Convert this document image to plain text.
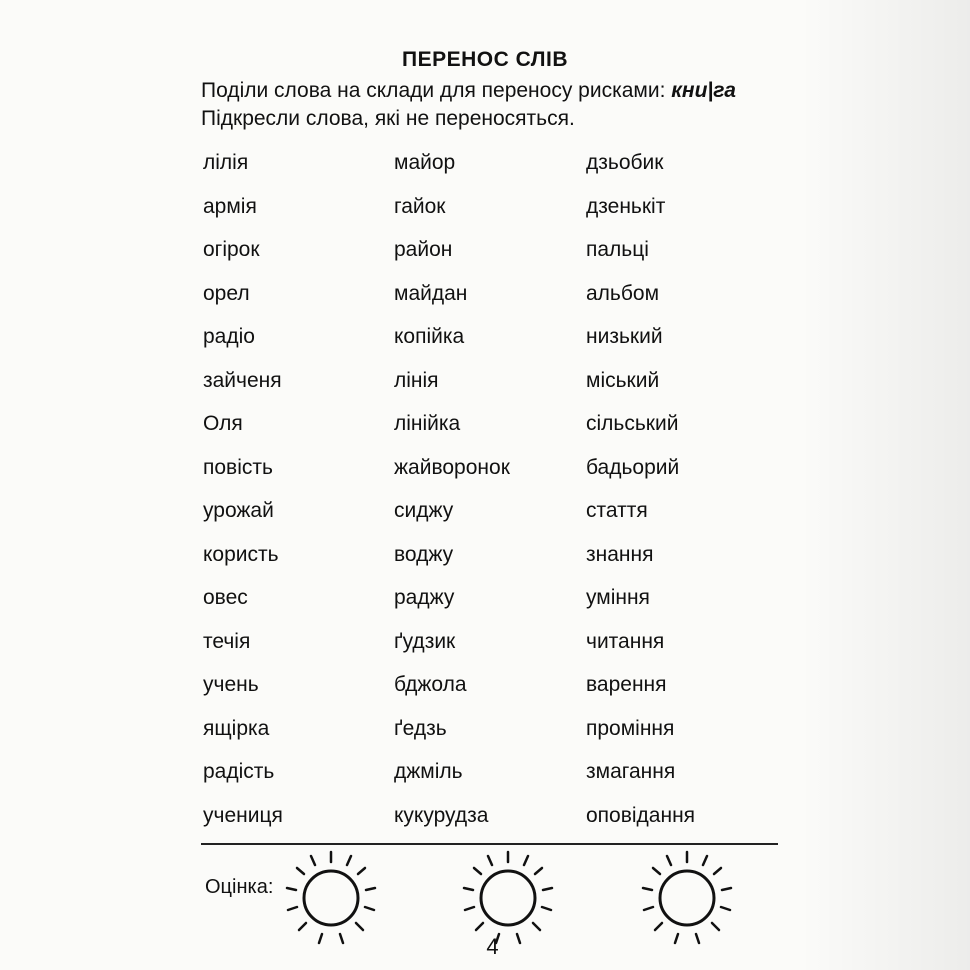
ПЕРЕНОС СЛІВ
Поділи слова на склади для переносу рисками: кни|га
Підкресли слова, які не переносяться.
лілія
армія
огірок
орел
радіо
зайченя
Оля
повість
урожай
користь
овес
течія
учень
ящірка
радість
учениця
майор
гайок
район
майдан
копійка
лінія
лінійка
жайворонок
сиджу
воджу
раджу
ґудзик
бджола
ґедзь
джміль
кукурудза
дзьобик
дзенькіт
пальці
альбом
низький
міський
сільський
бадьорий
стаття
знання
уміння
читання
варення
проміння
змагання
оповідання
Оцінка:
4
